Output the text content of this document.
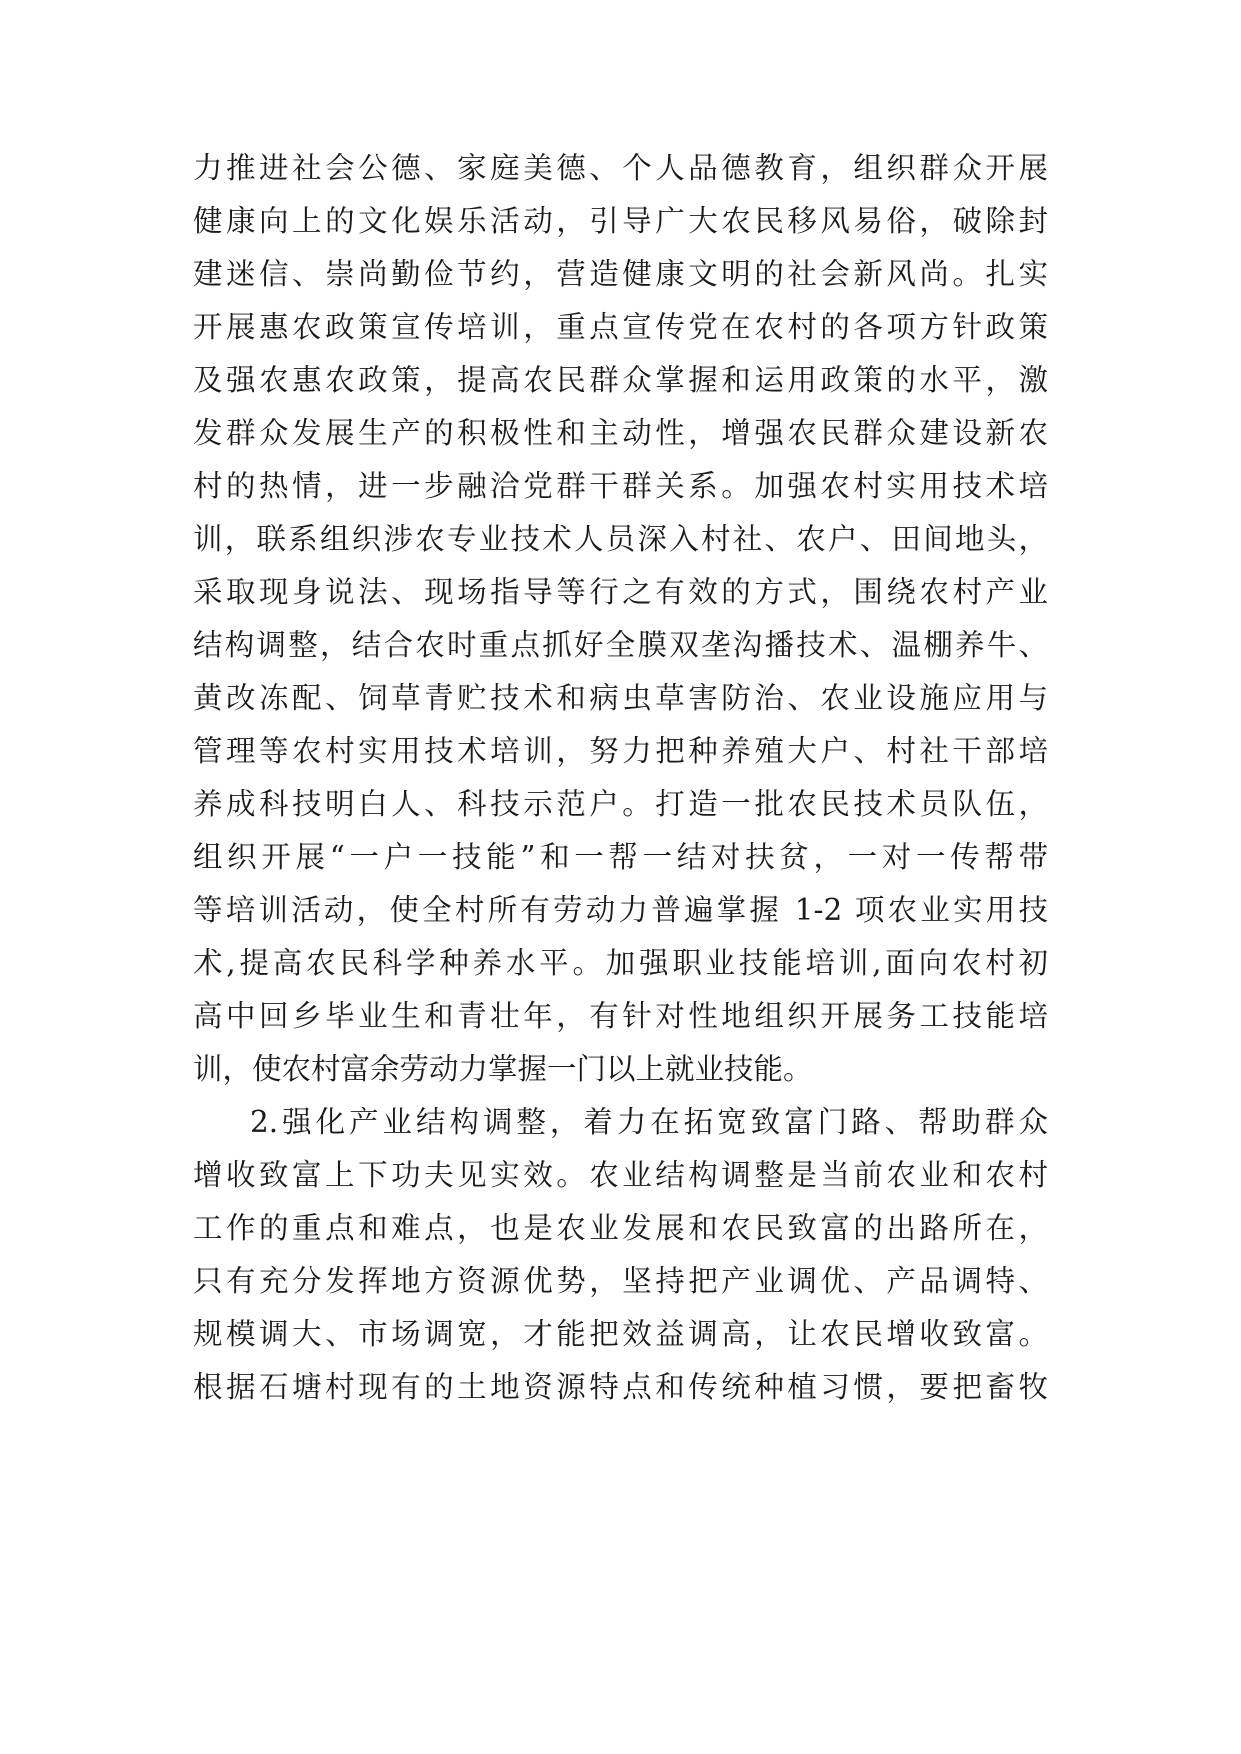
力推进社会公德、家庭美德、个人品德教育，组织群众开展

健康向上的文化娱乐活动，引导广大农民移风易俗，破除封

建迷信、崇尚勤俭节约，营造健康文明的社会新风尚。扎实

开展惠农政策宣传培训，重点宣传党在农村的各项方针政策

及强农惠农政策，提高农民群众掌握和运用政策的水平，激

发群众发展生产的积极性和主动性，增强农民群众建设新农

村的热情，进一步融洽党群干群关系。加强农村实用技术培

训，联系组织涉农专业技术人员深入村社、农户、田间地头，

采取现身说法、现场指导等行之有效的方式，围绕农村产业

结构调整，结合农时重点抓好全膜双垄沟播技术、温棚养牛、

黄改冻配、饲草青贮技术和病虫草害防治、农业设施应用与

管理等农村实用技术培训，努力把种养殖大户、村社干部培

养成科技明白人、科技示范户。打造一批农民技术员队伍，

组织开展“一户一技能”和一帮一结对扶贫，一对一传帮带

等培训活动，使全村所有劳动力普遍掌握 1-2 项农业实用技

术,提高农民科学种养水平。加强职业技能培训,面向农村初

高中回乡毕业生和青壮年，有针对性地组织开展务工技能培

训，使农村富余劳动力掌握一门以上就业技能。

2.强化产业结构调整，着力在拓宽致富门路、帮助群众

增收致富上下功夫见实效。农业结构调整是当前农业和农村

工作的重点和难点，也是农业发展和农民致富的出路所在，

只有充分发挥地方资源优势，坚持把产业调优、产品调特、

规模调大、市场调宽，才能把效益调高，让农民增收致富。

根据石塘村现有的土地资源特点和传统种植习惯，要把畜牧
